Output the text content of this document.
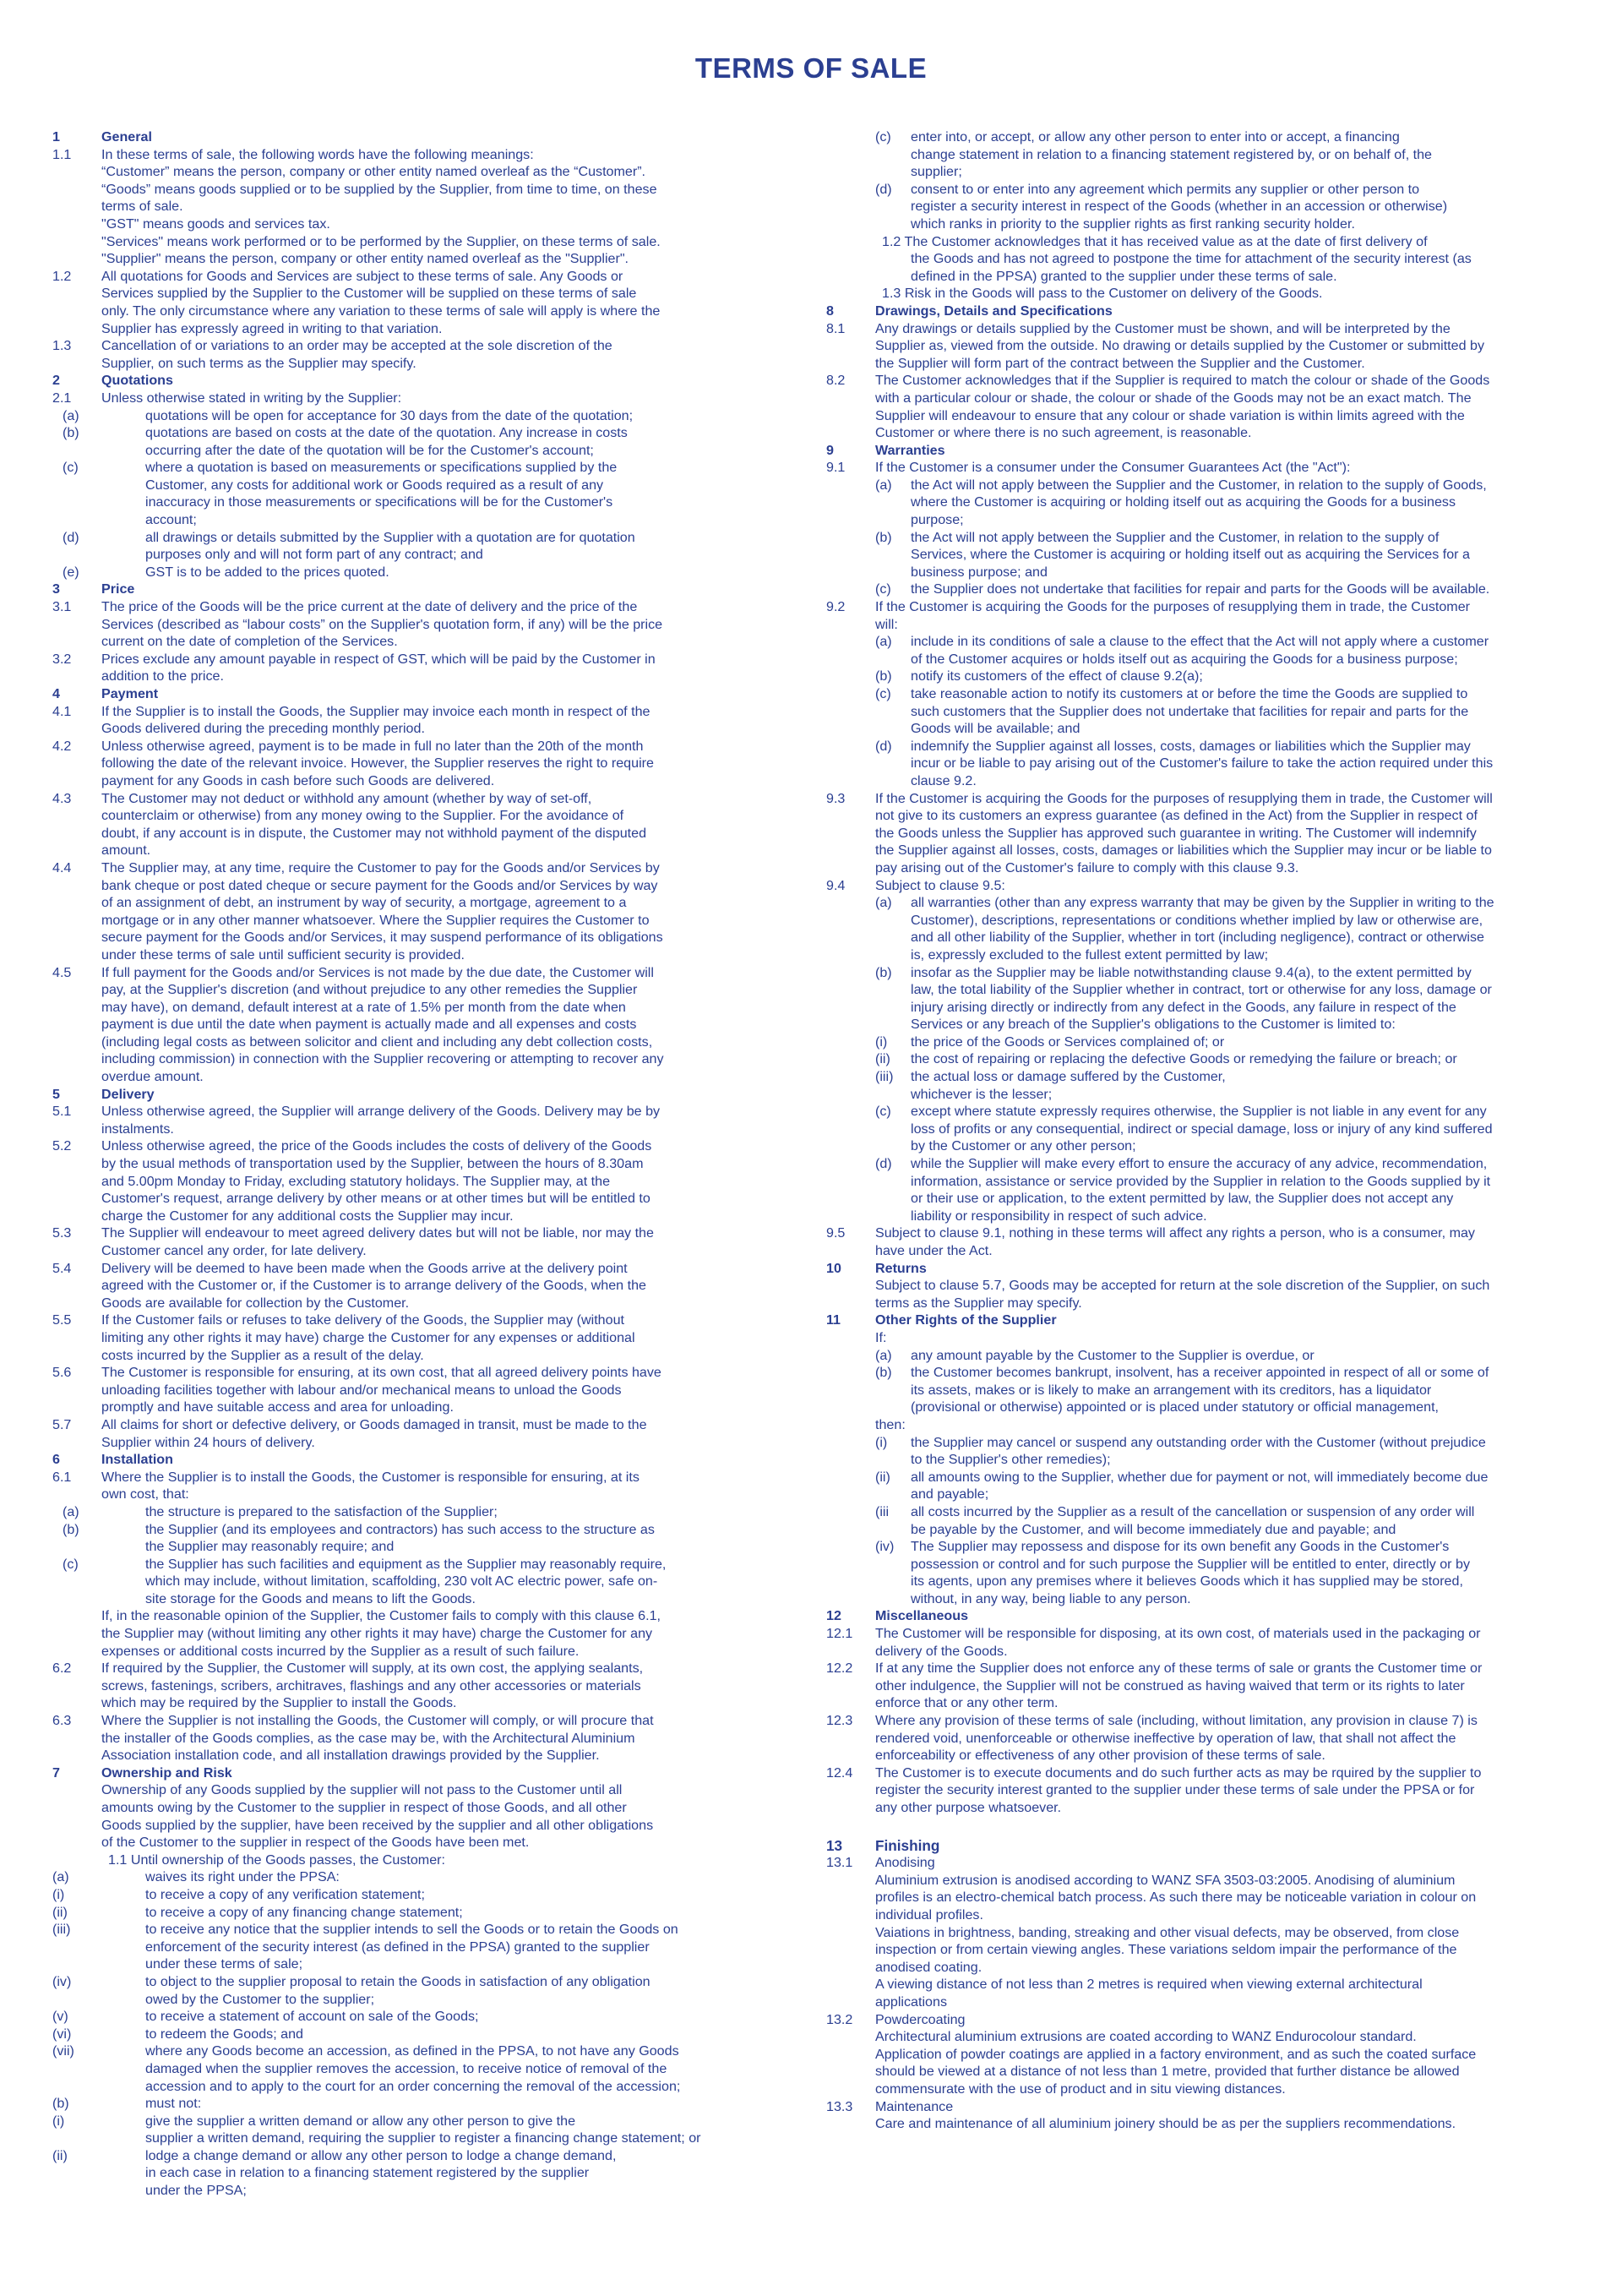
TERMS OF SALE
1	General
1.1	In these terms of sale, the following words have the following meanings:
“Customer” means the person, company or other entity named overleaf as the “Customer”.
“Goods” means goods supplied or to be supplied by the Supplier, from time to time, on these
terms of sale.
"GST" means goods and services tax.
"Services" means work performed or to be performed by the Supplier, on these terms of sale.
"Supplier" means the person, company or other entity named overleaf as the "Supplier".
1.2	All quotations for Goods and Services are subject to these terms of sale. Any Goods or
Services supplied by the Supplier to the Customer will be supplied on these terms of sale
only. The only circumstance where any variation to these terms of sale will apply is where the
Supplier has expressly agreed in writing to that variation.
1.3	Cancellation of or variations to an order may be accepted at the sole discretion of the
Supplier, on such terms as the Supplier may specify.
2	Quotations
2.1	Unless otherwise stated in writing by the Supplier:
(a)	quotations will be open for acceptance for 30 days from the date of the quotation;
(b)	quotations are based on costs at the date of the quotation. Any increase in costs
occurring after the date of the quotation will be for the Customer's account;
(c)	where a quotation is based on measurements or specifications supplied by the
Customer, any costs for additional work or Goods required as a result of any
inaccuracy in those measurements or specifications will be for the Customer's
account;
(d)	all drawings or details submitted by the Supplier with a quotation are for quotation
purposes only and will not form part of any contract; and
(e)	GST is to be added to the prices quoted.
3	Price
3.1	The price of the Goods will be the price current at the date of delivery and the price of the
Services (described as “labour costs” on the Supplier's quotation form, if any) will be the price
current on the date of completion of the Services.
3.2	Prices exclude any amount payable in respect of GST, which will be paid by the Customer in
addition to the price.
4	Payment
4.1	If the Supplier is to install the Goods, the Supplier may invoice each month in respect of the
Goods delivered during the preceding monthly period.
4.2	Unless otherwise agreed, payment is to be made in full no later than the 20th of the month
following the date of the relevant invoice. However, the Supplier reserves the right to require
payment for any Goods in cash before such Goods are delivered.
4.3	The Customer may not deduct or withhold any amount (whether by way of set-off,
counterclaim or otherwise) from any money owing to the Supplier. For the avoidance of
doubt, if any account is in dispute, the Customer may not withhold payment of the disputed
amount.
4.4	The Supplier may, at any time, require the Customer to pay for the Goods and/or Services by
bank cheque or post dated cheque or secure payment for the Goods and/or Services by way
of an assignment of debt, an instrument by way of security, a mortgage, agreement to a
mortgage or in any other manner whatsoever. Where the Supplier requires the Customer to
secure payment for the Goods and/or Services, it may suspend performance of its obligations
under these terms of sale until sufficient security is provided.
4.5	If full payment for the Goods and/or Services is not made by the due date, the Customer will
pay, at the Supplier's discretion (and without prejudice to any other remedies the Supplier
may have), on demand, default interest at a rate of 1.5% per month from the date when
payment is due until the date when payment is actually made and all expenses and costs
(including legal costs as between solicitor and client and including any debt collection costs,
including commission) in connection with the Supplier recovering or attempting to recover any
overdue amount.
5	Delivery
5.1	Unless otherwise agreed, the Supplier will arrange delivery of the Goods. Delivery may be by
instalments.
5.2	Unless otherwise agreed, the price of the Goods includes the costs of delivery of the Goods
by the usual methods of transportation used by the Supplier, between the hours of 8.30am
and 5.00pm Monday to Friday, excluding statutory holidays. The Supplier may, at the
Customer's request, arrange delivery by other means or at other times but will be entitled to
charge the Customer for any additional costs the Supplier may incur.
5.3	The Supplier will endeavour to meet agreed delivery dates but will not be liable, nor may the
Customer cancel any order, for late delivery.
5.4	Delivery will be deemed to have been made when the Goods arrive at the delivery point
agreed with the Customer or, if the Customer is to arrange delivery of the Goods, when the
Goods are available for collection by the Customer.
5.5	If the Customer fails or refuses to take delivery of the Goods, the Supplier may (without
limiting any other rights it may have) charge the Customer for any expenses or additional
costs incurred by the Supplier as a result of the delay.
5.6	The Customer is responsible for ensuring, at its own cost, that all agreed delivery points have
unloading facilities together with labour and/or mechanical means to unload the Goods
promptly and have suitable access and area for unloading.
5.7	All claims for short or defective delivery, or Goods damaged in transit, must be made to the
Supplier within 24 hours of delivery.
6	Installation
6.1	Where the Supplier is to install the Goods, the Customer is responsible for ensuring, at its
own cost, that:
(a)	the structure is prepared to the satisfaction of the Supplier;
(b)	the Supplier (and its employees and contractors) has such access to the structure as
the Supplier may reasonably require; and
(c)	the Supplier has such facilities and equipment as the Supplier may reasonably require,
which may include, without limitation, scaffolding, 230 volt AC electric power, safe on-
site storage for the Goods and means to lift the Goods.
If, in the reasonable opinion of the Supplier, the Customer fails to comply with this clause 6.1,
the Supplier may (without limiting any other rights it may have) charge the Customer for any
expenses or additional costs incurred by the Supplier as a result of such failure.
6.2	If required by the Supplier, the Customer will supply, at its own cost, the applying sealants,
screws, fastenings, scribers, architraves, flashings and any other accessories or materials
which may be required by the Supplier to install the Goods.
6.3	Where the Supplier is not installing the Goods, the Customer will comply, or will procure that
the installer of the Goods complies, as the case may be, with the Architectural Aluminium
Association installation code, and all installation drawings provided by the Supplier.
7	Ownership and Risk
Ownership of any Goods supplied by the supplier will not pass to the Customer until all
amounts owing by the Customer to the supplier in respect of those Goods, and all other
Goods supplied by the supplier, have been received by the supplier and all other obligations
of the Customer to the supplier in respect of the Goods have been met.
1.1 Until ownership of the Goods passes, the Customer:
(a)	waives its right under the PPSA:
(i)	to receive a copy of any verification statement;
(ii)	to receive a copy of any financing change statement;
(iii)	to receive any notice that the supplier intends to sell the Goods or to retain the Goods on
enforcement of the security interest (as defined in the PPSA) granted to the supplier
under these terms of sale;
(iv)	to object to the supplier proposal to retain the Goods in satisfaction of any obligation
owed by the Customer to the supplier;
(v)	to receive a statement of account on sale of the Goods;
(vi)	to redeem the Goods; and
(vii)	where any Goods become an accession, as defined in the PPSA, to not have any Goods
damaged when the supplier removes the accession, to receive notice of removal of the
accession and to apply to the court for an order concerning the removal of the accession;
(b)	must not:
(i)	give the supplier a written demand or allow any other person to give the
supplier a written demand, requiring the supplier to register a financing change statement; or
(ii)	lodge a change demand or allow any other person to lodge a change demand,
in each case in relation to a financing statement registered by the supplier
under the PPSA;
(c)	enter into, or accept, or allow any other person to enter into or accept, a financing
change statement in relation to a financing statement registered by, or on behalf of, the
supplier;
(d)	consent to or enter into any agreement which permits any supplier or other person to
register a security interest in respect of the Goods (whether in an accession or otherwise)
which ranks in priority to the supplier rights as first ranking security holder.
1.2 The Customer acknowledges that it has received value as at the date of first delivery of
the Goods and has not agreed to postpone the time for attachment of the security interest (as
defined in the PPSA) granted to the supplier under these terms of sale.
1.3 Risk in the Goods will pass to the Customer on delivery of the Goods.
8	Drawings, Details and Specifications
8.1	Any drawings or details supplied by the Customer must be shown, and will be interpreted by the
Supplier as, viewed from the outside. No drawing or details supplied by the Customer or submitted by
the Supplier will form part of the contract between the Supplier and the Customer.
8.2	The Customer acknowledges that if the Supplier is required to match the colour or shade of the Goods
with a particular colour or shade, the colour or shade of the Goods may not be an exact match. The
Supplier will endeavour to ensure that any colour or shade variation is within limits agreed with the
Customer or where there is no such agreement, is reasonable.
9	Warranties
9.1	If the Customer is a consumer under the Consumer Guarantees Act (the "Act"):
(a)	the Act will not apply between the Supplier and the Customer, in relation to the supply of Goods,
where the Customer is acquiring or holding itself out as acquiring the Goods for a business
purpose;
(b)	the Act will not apply between the Supplier and the Customer, in relation to the supply of
Services, where the Customer is acquiring or holding itself out as acquiring the Services for a
business purpose; and
(c)	the Supplier does not undertake that facilities for repair and parts for the Goods will be available.
9.2	If the Customer is acquiring the Goods for the purposes of resupplying them in trade, the Customer
will:
(a)	include in its conditions of sale a clause to the effect that the Act will not apply where a customer
of the Customer acquires or holds itself out as acquiring the Goods for a business purpose;
(b)	notify its customers of the effect of clause 9.2(a);
(c)	take reasonable action to notify its customers at or before the time the Goods are supplied to
such customers that the Supplier does not undertake that facilities for repair and parts for the
Goods will be available; and
(d)	indemnify the Supplier against all losses, costs, damages or liabilities which the Supplier may
incur or be liable to pay arising out of the Customer's failure to take the action required under this
clause 9.2.
9.3	If the Customer is acquiring the Goods for the purposes of resupplying them in trade, the Customer will
not give to its customers an express guarantee (as defined in the Act) from the Supplier in respect of
the Goods unless the Supplier has approved such guarantee in writing. The Customer will indemnify
the Supplier against all losses, costs, damages or liabilities which the Supplier may incur or be liable to
pay arising out of the Customer's failure to comply with this clause 9.3.
9.4	Subject to clause 9.5:
(a)	all warranties (other than any express warranty that may be given by the Supplier in writing to the
Customer), descriptions, representations or conditions whether implied by law or otherwise are,
and all other liability of the Supplier, whether in tort (including negligence), contract or otherwise
is, expressly excluded to the fullest extent permitted by law;
(b)	insofar as the Supplier may be liable notwithstanding clause 9.4(a), to the extent permitted by
law, the total liability of the Supplier whether in contract, tort or otherwise for any loss, damage or
injury arising directly or indirectly from any defect in the Goods, any failure in respect of the
Services or any breach of the Supplier's obligations to the Customer is limited to:
(i)	the price of the Goods or Services complained of; or
(ii)	the cost of repairing or replacing the defective Goods or remedying the failure or breach; or
(iii)	the actual loss or damage suffered by the Customer,
whichever is the lesser;
(c)	except where statute expressly requires otherwise, the Supplier is not liable in any event for any
loss of profits or any consequential, indirect or special damage, loss or injury of any kind suffered
by the Customer or any other person;
(d)	while the Supplier will make every effort to ensure the accuracy of any advice, recommendation,
information, assistance or service provided by the Supplier in relation to the Goods supplied by it
or their use or application, to the extent permitted by law, the Supplier does not accept any
liability or responsibility in respect of such advice.
9.5	Subject to clause 9.1, nothing in these terms will affect any rights a person, who is a consumer, may
have under the Act.
10	Returns
Subject to clause 5.7, Goods may be accepted for return at the sole discretion of the Supplier, on such
terms as the Supplier may specify.
11	Other Rights of the Supplier
If:
(a)	any amount payable by the Customer to the Supplier is overdue, or
(b)	the Customer becomes bankrupt, insolvent, has a receiver appointed in respect of all or some of
its assets, makes or is likely to make an arrangement with its creditors, has a liquidator
(provisional or otherwise) appointed or is placed under statutory or official management,
then:
(i)	the Supplier may cancel or suspend any outstanding order with the Customer (without prejudice
to the Supplier's other remedies);
(ii)	all amounts owing to the Supplier, whether due for payment or not, will immediately become due
and payable;
(iii	all costs incurred by the Supplier as a result of the cancellation or suspension of any order will
be payable by the Customer, and will become immediately due and payable; and
(iv)	The Supplier may repossess and dispose for its own benefit any Goods in the Customer's
possession or control and for such purpose the Supplier will be entitled to enter, directly or by
its agents, upon any premises where it believes Goods which it has supplied may be stored,
without, in any way, being liable to any person.
12	Miscellaneous
12.1	The Customer will be responsible for disposing, at its own cost, of materials used in the packaging or
delivery of the Goods.
12.2	If at any time the Supplier does not enforce any of these terms of sale or grants the Customer time or
other indulgence, the Supplier will not be construed as having waived that term or its rights to later
enforce that or any other term.
12.3	Where any provision of these terms of sale (including, without limitation, any provision in clause 7) is
rendered void, unenforceable or otherwise ineffective by operation of law, that shall not affect the
enforceability or effectiveness of any other provision of these terms of sale.
12.4	The Customer is to execute documents and do such further acts as may be rquired by the supplier to
register the security interest granted to the supplier under these terms of sale under the PPSA or for
any other purpose whatsoever.
13	Finishing
13.1	Anodising
Aluminium extrusion is anodised according to WANZ SFA 3503-03:2005. Anodising of aluminium
profiles is an electro-chemical batch process. As such there may be noticeable variation in colour on
individual profiles.
Vaiations in brightness, banding, streaking and other visual defects, may be observed, from close
inspection or from certain viewing angles. These variations seldom impair the performance of the
anodised coating.
A viewing distance of not less than 2 metres is required when viewing external architectural
applications
13.2	Powdercoating
Architectural aluminium extrusions are coated according to WANZ Endurocolour standard.
Application of powder coatings are applied in a factory environment, and as such the coated surface
should be viewed at a distance of not less than 1 metre, provided that further distance be allowed
commensurate with the use of product and in situ viewing distances.
13.3	Maintenance
Care and maintenance of all aluminium joinery should be as per the suppliers recommendations.
